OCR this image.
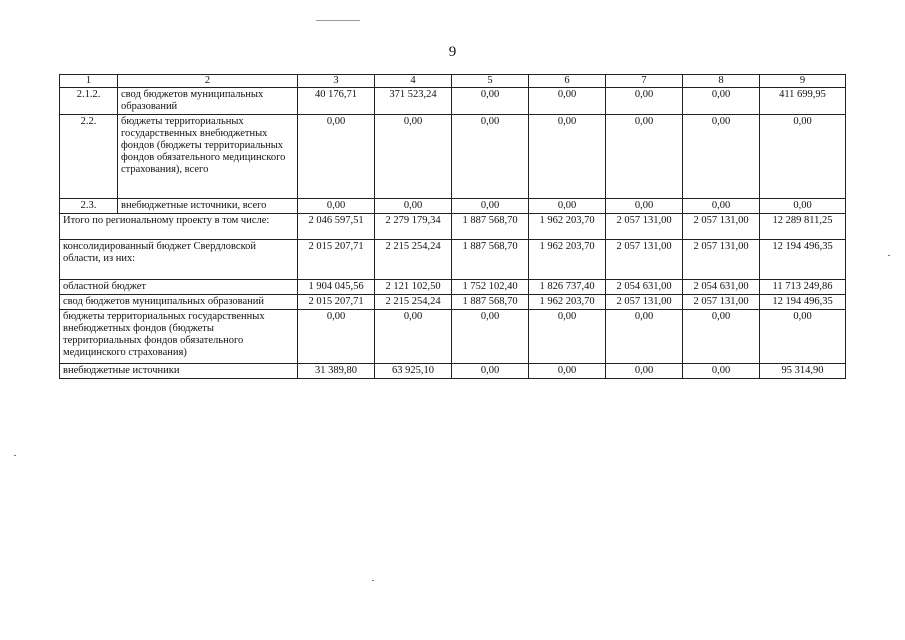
9
1	2	3	4	5	6	7	8	9
2.1.2.	свод бюджетов муниципальных образований	40 176,71	371 523,24	0,00	0,00	0,00	0,00	411 699,95
2.2.	бюджеты территориальных государственных внебюджетных фондов (бюджеты территориальных фондов обязательного медицинского страхования), всего	0,00	0,00	0,00	0,00	0,00	0,00	0,00
2.3.	внебюджетные источники, всего	0,00	0,00	0,00	0,00	0,00	0,00	0,00
Итого по региональному проекту в том числе:		2 046 597,51	2 279 179,34	1 887 568,70	1 962 203,70	2 057 131,00	2 057 131,00	12 289 811,25
консолидированный бюджет Свердловской области, из них:		2 015 207,71	2 215 254,24	1 887 568,70	1 962 203,70	2 057 131,00	2 057 131,00	12 194 496,35
областной бюджет		1 904 045,56	2 121 102,50	1 752 102,40	1 826 737,40	2 054 631,00	2 054 631,00	11 713 249,86
свод бюджетов муниципальных образований		2 015 207,71	2 215 254,24	1 887 568,70	1 962 203,70	2 057 131,00	2 057 131,00	12 194 496,35
бюджеты территориальных государственных внебюджетных фондов (бюджеты территориальных фондов обязательного медицинского страхования)		0,00	0,00	0,00	0,00	0,00	0,00	0,00
внебюджетные источники		31 389,80	63 925,10	0,00	0,00	0,00	0,00	95 314,90
